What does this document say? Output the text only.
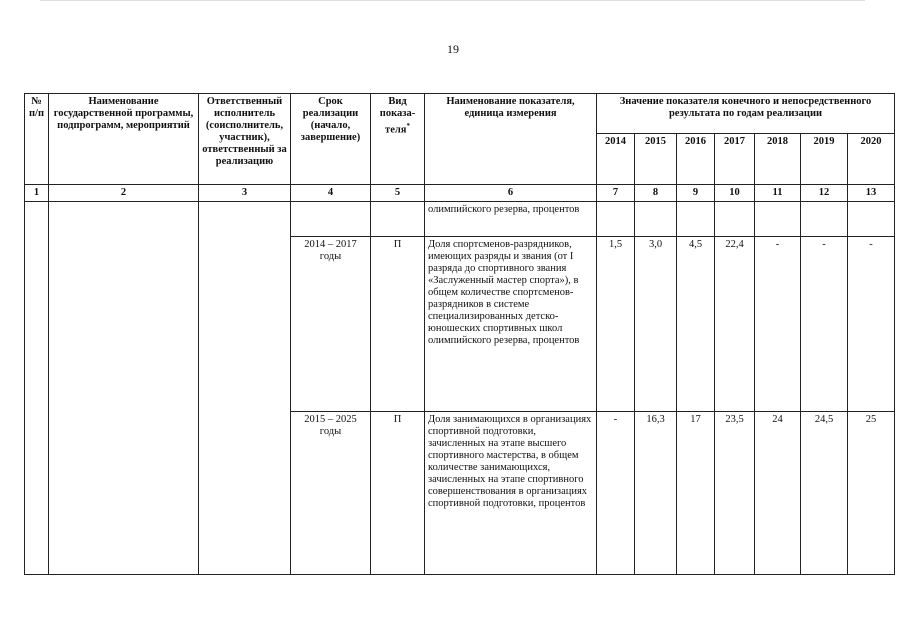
19
№ п/п	Наименование государственной программы, подпрограмм, мероприятий	Ответственный исполнитель (соисполнитель, участник), ответственный за реализацию	Срок реализации (начало, завершение)	Вид показа-теля*	Наименование показателя, единица измерения	Значение показателя конечного и непосредственного результата по годам реализации						
						2014	2015	2016	2017	2018	2019	2020
1	2	3	4	5	6	7	8	9	10	11	12	13
					олимпийского резерва, процентов							
			2014 – 2017 годы	П	Доля спортсменов-разрядников, имеющих разряды и звания (от I разряда до спортивного звания «Заслуженный мастер спорта»), в общем количестве спортсменов-разрядников в системе специализированных детско-юношеских спортивных школ олимпийского резерва, процентов	1,5	3,0	4,5	22,4	-	-	-
			2015 – 2025 годы	П	Доля занимающихся в организациях спортивной подготовки, зачисленных на этапе высшего спортивного мастерства, в общем количестве занимающихся, зачисленных на этапе спортивного совершенствования в организациях спортивной подготовки, процентов	-	16,3	17	23,5	24	24,5	25
